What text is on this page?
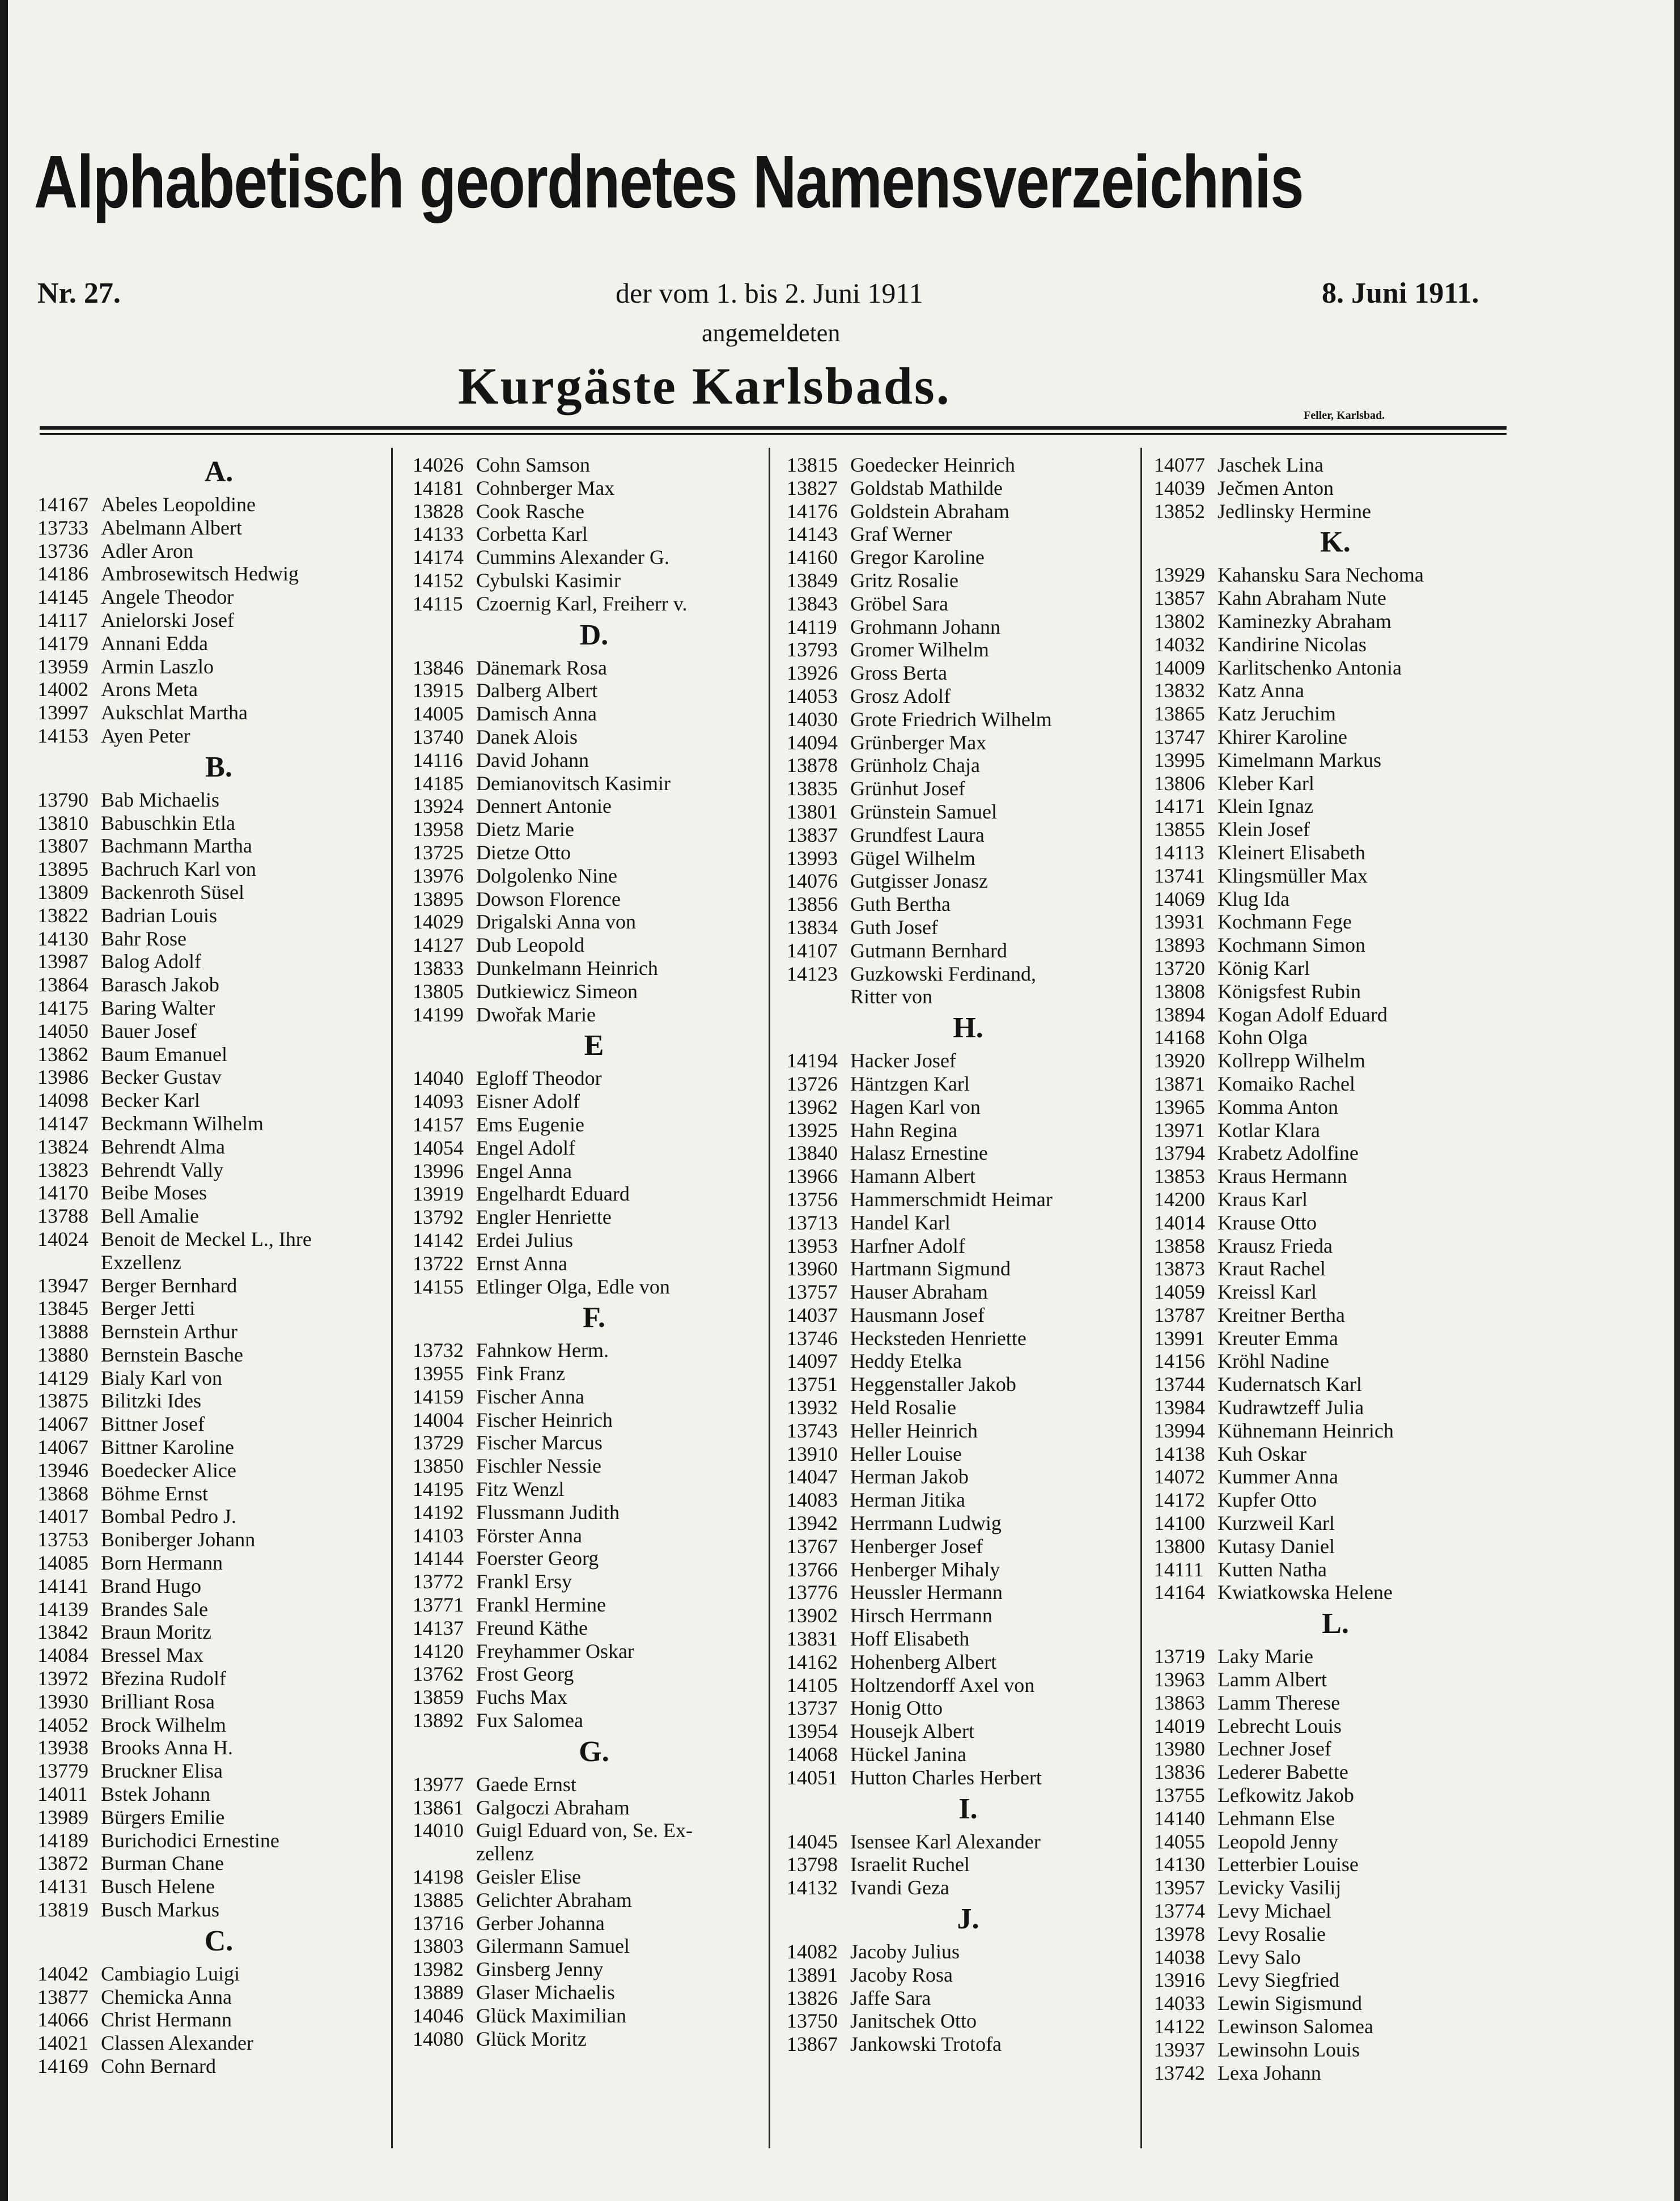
Alphabetisch geordnetes Namensverzeichnis
Nr. 27.	der vom 1. bis 2. Juni 1911	8. Juni 1911.
angemeldeten
Kurgäste Karlsbads.
Feller, Karlsbad.
A.
14167 Abeles Leopoldine
13733 Abelmann Albert
13736 Adler Aron
14186 Ambrosewitsch Hedwig
14145 Angele Theodor
14117 Anielorski Josef
14179 Annani Edda
13959 Armin Laszlo
14002 Arons Meta
13997 Aukschlat Martha
14153 Ayen Peter
B.
13790 Bab Michaelis
13810 Babuschkin Etla
13807 Bachmann Martha
13895 Bachruch Karl von
13809 Backenroth Süsel
13822 Badrian Louis
14130 Bahr Rose
13987 Balog Adolf
13864 Barasch Jakob
14175 Baring Walter
14050 Bauer Josef
13862 Baum Emanuel
13986 Becker Gustav
14098 Becker Karl
14147 Beckmann Wilhelm
13824 Behrendt Alma
13823 Behrendt Vally
14170 Beibe Moses
13788 Bell Amalie
14024 Benoit de Meckel L., Ihre
Exzellenz
13947 Berger Bernhard
13845 Berger Jetti
13888 Bernstein Arthur
13880 Bernstein Basche
14129 Bialy Karl von
13875 Bilitzki Ides
14067 Bittner Josef
14067 Bittner Karoline
13946 Boedecker Alice
13868 Böhme Ernst
14017 Bombal Pedro J.
13753 Boniberger Johann
14085 Born Hermann
14141 Brand Hugo
14139 Brandes Sale
13842 Braun Moritz
14084 Bressel Max
13972 Březina Rudolf
13930 Brilliant Rosa
14052 Brock Wilhelm
13938 Brooks Anna H.
13779 Bruckner Elisa
14011 Bstek Johann
13989 Bürgers Emilie
14189 Burichodici Ernestine
13872 Burman Chane
14131 Busch Helene
13819 Busch Markus
C.
14042 Cambiagio Luigi
13877 Chemicka Anna
14066 Christ Hermann
14021 Classen Alexander
14169 Cohn Bernard
14026 Cohn Samson
14181 Cohnberger Max
13828 Cook Rasche
14133 Corbetta Karl
14174 Cummins Alexander G.
14152 Cybulski Kasimir
14115 Czoernig Karl, Freiherr v.
D.
13846 Dänemark Rosa
13915 Dalberg Albert
14005 Damisch Anna
13740 Danek Alois
14116 David Johann
14185 Demianovitsch Kasimir
13924 Dennert Antonie
13958 Dietz Marie
13725 Dietze Otto
13976 Dolgolenko Nine
13895 Dowson Florence
14029 Drigalski Anna von
14127 Dub Leopold
13833 Dunkelmann Heinrich
13805 Dutkiewicz Simeon
14199 Dwořak Marie
E
14040 Egloff Theodor
14093 Eisner Adolf
14157 Ems Eugenie
14054 Engel Adolf
13996 Engel Anna
13919 Engelhardt Eduard
13792 Engler Henriette
14142 Erdei Julius
13722 Ernst Anna
14155 Etlinger Olga, Edle von
F.
13732 Fahnkow Herm.
13955 Fink Franz
14159 Fischer Anna
14004 Fischer Heinrich
13729 Fischer Marcus
13850 Fischler Nessie
14195 Fitz Wenzl
14192 Flussmann Judith
14103 Förster Anna
14144 Foerster Georg
13772 Frankl Ersy
13771 Frankl Hermine
14137 Freund Käthe
14120 Freyhammer Oskar
13762 Frost Georg
13859 Fuchs Max
13892 Fux Salomea
G.
13977 Gaede Ernst
13861 Galgoczi Abraham
14010 Guigl Eduard von, Se. Ex-
zellenz
14198 Geisler Elise
13885 Gelichter Abraham
13716 Gerber Johanna
13803 Gilermann Samuel
13982 Ginsberg Jenny
13889 Glaser Michaelis
14046 Glück Maximilian
14080 Glück Moritz
13815 Goedecker Heinrich
13827 Goldstab Mathilde
14176 Goldstein Abraham
14143 Graf Werner
14160 Gregor Karoline
13849 Gritz Rosalie
13843 Gröbel Sara
14119 Grohmann Johann
13793 Gromer Wilhelm
13926 Gross Berta
14053 Grosz Adolf
14030 Grote Friedrich Wilhelm
14094 Grünberger Max
13878 Grünholz Chaja
13835 Grünhut Josef
13801 Grünstein Samuel
13837 Grundfest Laura
13993 Gügel Wilhelm
14076 Gutgisser Jonasz
13856 Guth Bertha
13834 Guth Josef
14107 Gutmann Bernhard
14123 Guzkowski Ferdinand,
Ritter von
H.
14194 Hacker Josef
13726 Häntzgen Karl
13962 Hagen Karl von
13925 Hahn Regina
13840 Halasz Ernestine
13966 Hamann Albert
13756 Hammerschmidt Heimar
13713 Handel Karl
13953 Harfner Adolf
13960 Hartmann Sigmund
13757 Hauser Abraham
14037 Hausmann Josef
13746 Hecksteden Henriette
14097 Heddy Etelka
13751 Heggenstaller Jakob
13932 Held Rosalie
13743 Heller Heinrich
13910 Heller Louise
14047 Herman Jakob
14083 Herman Jitika
13942 Herrmann Ludwig
13767 Henberger Josef
13766 Henberger Mihaly
13776 Heussler Hermann
13902 Hirsch Herrmann
13831 Hoff Elisabeth
14162 Hohenberg Albert
14105 Holtzendorff Axel von
13737 Honig Otto
13954 Housejk Albert
14068 Hückel Janina
14051 Hutton Charles Herbert
I.
14045 Isensee Karl Alexander
13798 Israelit Ruchel
14132 Ivandi Geza
J.
14082 Jacoby Julius
13891 Jacoby Rosa
13826 Jaffe Sara
13750 Janitschek Otto
13867 Jankowski Trotofa
14077 Jaschek Lina
14039 Ječmen Anton
13852 Jedlinsky Hermine
K.
13929 Kahansku Sara Nechoma
13857 Kahn Abraham Nute
13802 Kaminezky Abraham
14032 Kandirine Nicolas
14009 Karlitschenko Antonia
13832 Katz Anna
13865 Katz Jeruchim
13747 Khirer Karoline
13995 Kimelmann Markus
13806 Kleber Karl
14171 Klein Ignaz
13855 Klein Josef
14113 Kleinert Elisabeth
13741 Klingsmüller Max
14069 Klug Ida
13931 Kochmann Fege
13893 Kochmann Simon
13720 König Karl
13808 Königsfest Rubin
13894 Kogan Adolf Eduard
14168 Kohn Olga
13920 Kollrepp Wilhelm
13871 Komaiko Rachel
13965 Komma Anton
13971 Kotlar Klara
13794 Krabetz Adolfine
13853 Kraus Hermann
14200 Kraus Karl
14014 Krause Otto
13858 Krausz Frieda
13873 Kraut Rachel
14059 Kreissl Karl
13787 Kreitner Bertha
13991 Kreuter Emma
14156 Kröhl Nadine
13744 Kudernatsch Karl
13984 Kudrawtzeff Julia
13994 Kühnemann Heinrich
14138 Kuh Oskar
14072 Kummer Anna
14172 Kupfer Otto
14100 Kurzweil Karl
13800 Kutasy Daniel
14111 Kutten Natha
14164 Kwiatkowska Helene
L.
13719 Laky Marie
13963 Lamm Albert
13863 Lamm Therese
14019 Lebrecht Louis
13980 Lechner Josef
13836 Lederer Babette
13755 Lefkowitz Jakob
14140 Lehmann Else
14055 Leopold Jenny
14130 Letterbier Louise
13957 Levicky Vasilij
13774 Levy Michael
13978 Levy Rosalie
14038 Levy Salo
13916 Levy Siegfried
14033 Lewin Sigismund
14122 Lewinson Salomea
13937 Lewinsohn Louis
13742 Lexa Johann
